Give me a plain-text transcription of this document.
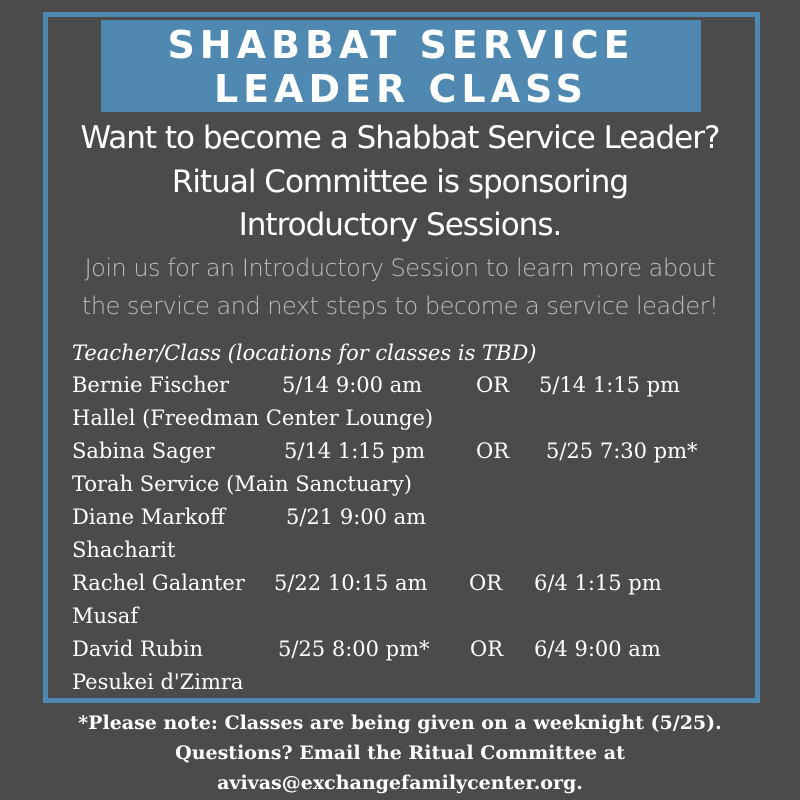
SHABBAT SERVICE
LEADER CLASS
Want to become a Shabbat Service Leader?
Ritual Committee is sponsoring
Introductory Sessions.
Join us for an Introductory Session to learn more about
the service and next steps to become a service leader!
Teacher/Class (locations for classes is TBD)
Bernie Fischer	5/14 9:00 am	OR 5/14 1:15 pm
Hallel (Freedman Center Lounge)
Sabina Sager	5/14 1:15 pm OR 5/25 7:30 pm*
Torah Service (Main Sanctuary)
Diane Markoff	5/21 9:00 am
Shacharit
Rachel Galanter 5/22 10:15 am OR 6/4 1:15 pm
Musaf
David Rubin	5/25 8:00 pm* OR 6/4 9:00 am
Pesukei d'Zimra
*Please note: Classes are being given on a weeknight (5/25).
Questions? Email the Ritual Committee at
avivas@exchangefamilycenter.org.
